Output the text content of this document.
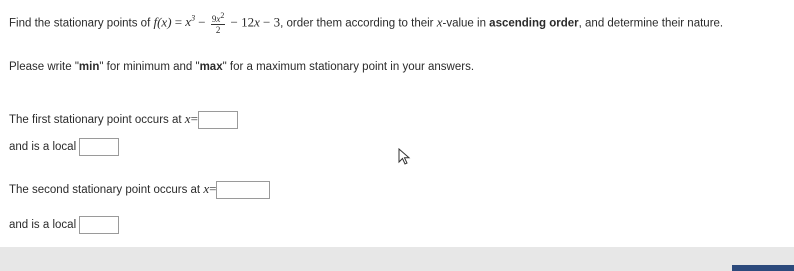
Find the stationary points of $f(x) = x^3 - \frac{9x^2}{2} - 12x - 3$, order them according to their x-value in ascending order, and determine their nature.
Please write "min" for minimum and "max" for a maximum stationary point in your answers.
The first stationary point occurs at x=
and is a local
The second stationary point occurs at x=
and is a local
